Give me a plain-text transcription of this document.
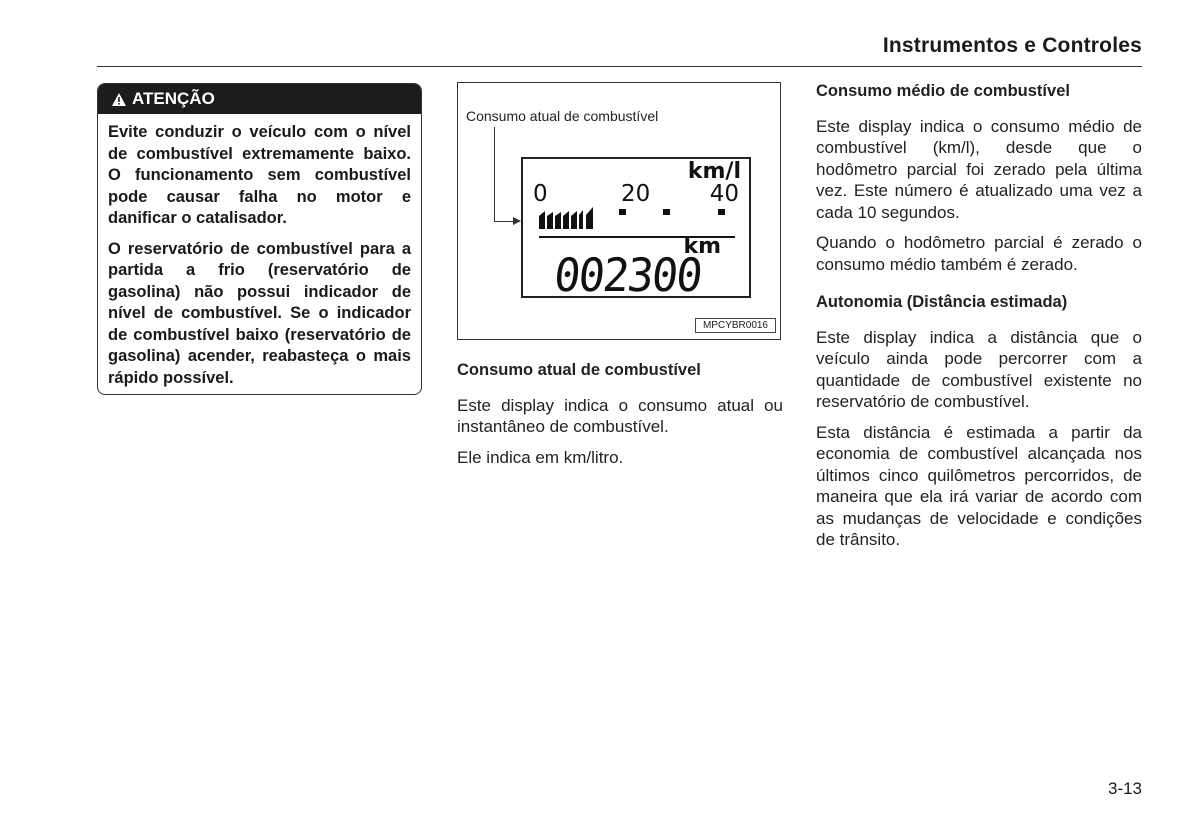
Instrumentos e Controles
ATENÇÃO

Evite conduzir o veículo com o nível de combustível extremamente baixo. O funcionamento sem combustível pode causar falha no motor e danificar o catalisador.

O reservatório de combustível para a partida a frio (reservatório de gasolina) não possui indicador de nível de combustível. Se o indicador de combustível baixo (reservatório de gasolina) acender, reabasteça o mais rápido possível.

Consumo atual de combustível
km/l
0	20	40
km
002300
MPCYBR0016
Consumo atual de combustível

Este display indica o consumo atual ou instantâneo de combustível.

Ele indica em km/litro.

Consumo médio de combustível

Este display indica o consumo médio de combustível (km/l), desde que o hodômetro parcial foi zerado pela última vez. Este número é atualizado uma vez a cada 10 segundos.

Quando o hodômetro parcial é zerado o consumo médio também é zerado.

Autonomia (Distância estimada)

Este display indica a distância que o veículo ainda pode percorrer com a quantidade de combustível existente no reservatório de combustível.

Esta distância é estimada a partir da economia de combustível alcançada nos últimos cinco quilômetros percorridos, de maneira que ela irá variar de acordo com as mudanças de velocidade e condições de trânsito.

3-13
